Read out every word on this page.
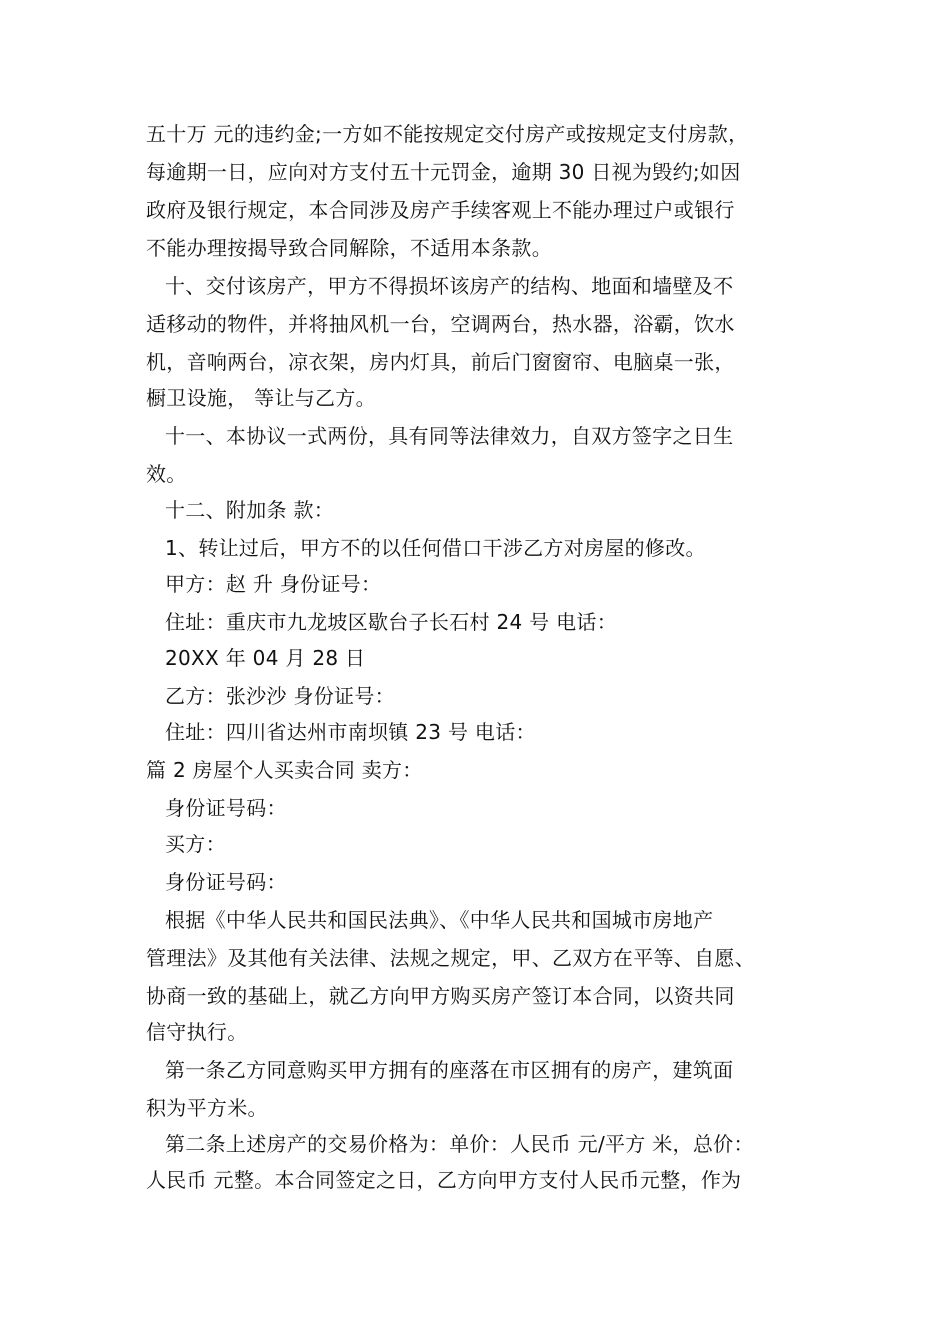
五十万 元的违约金;一方如不能按规定交付房产或按规定支付房款，
每逾期一日，应向对方支付五十元罚金，逾期 30 日视为毁约;如因
政府及银行规定，本合同涉及房产手续客观上不能办理过户或银行
不能办理按揭导致合同解除，不适用本条款。
十、交付该房产，甲方不得损坏该房产的结构、地面和墙壁及不
适移动的物件，并将抽风机一台，空调两台，热水器，浴霸，饮水
机，音响两台，凉衣架，房内灯具，前后门窗窗帘、电脑桌一张，
橱卫设施， 等让与乙方。
十一、本协议一式两份，具有同等法律效力，自双方签字之日生
效。
十二、附加条 款：
1、转让过后，甲方不的以任何借口干涉乙方对房屋的修改。
甲方：赵 升 身份证号：
住址：重庆市九龙坡区歇台子长石村 24 号 电话：
20XX 年 04 月 28 日
乙方：张沙沙 身份证号：
住址：四川省达州市南坝镇 23 号 电话：
篇 2 房屋个人买卖合同 卖方：
身份证号码：
买方：
身份证号码：
根据《中华人民共和国民法典》、《中华人民共和国城市房地产
管理法》及其他有关法律、法规之规定，甲、乙双方在平等、自愿、
协商一致的基础上，就乙方向甲方购买房产签订本合同，以资共同
信守执行。
第一条乙方同意购买甲方拥有的座落在市区拥有的房产，建筑面
积为平方米。
第二条上述房产的交易价格为：单价：人民币 元/平方 米，总价：
人民币 元整。本合同签定之日，乙方向甲方支付人民币元整，作为
